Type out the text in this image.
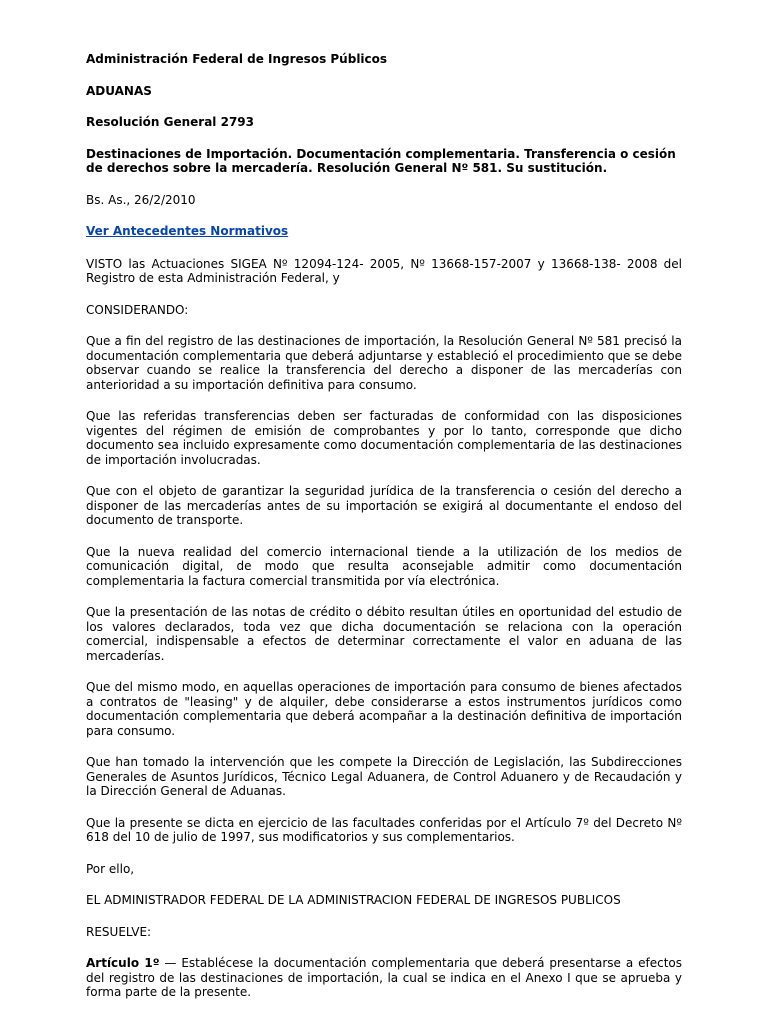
Administración Federal de Ingresos Públicos

ADUANAS

Resolución General 2793

Destinaciones de Importación. Documentación complementaria. Transferencia o cesión de derechos sobre la mercadería. Resolución General Nº 581. Su sustitución.

Bs. As., 26/2/2010

Ver Antecedentes Normativos

VISTO las Actuaciones SIGEA Nº 12094-124- 2005, Nº 13668-157-2007 y 13668-138- 2008 del Registro de esta Administración Federal, y

CONSIDERANDO:

Que a fin del registro de las destinaciones de importación, la Resolución General Nº 581 precisó la documentación complementaria que deberá adjuntarse y estableció el procedimiento que se debe observar cuando se realice la transferencia del derecho a disponer de las mercaderías con anterioridad a su importación definitiva para consumo.

Que las referidas transferencias deben ser facturadas de conformidad con las disposiciones vigentes del régimen de emisión de comprobantes y por lo tanto, corresponde que dicho documento sea incluido expresamente como documentación complementaria de las destinaciones de importación involucradas.

Que con el objeto de garantizar la seguridad jurídica de la transferencia o cesión del derecho a disponer de las mercaderías antes de su importación se exigirá al documentante el endoso del documento de transporte.

Que la nueva realidad del comercio internacional tiende a la utilización de los medios de comunicación digital, de modo que resulta aconsejable admitir como documentación complementaria la factura comercial transmitida por vía electrónica.

Que la presentación de las notas de crédito o débito resultan útiles en oportunidad del estudio de los valores declarados, toda vez que dicha documentación se relaciona con la operación comercial, indispensable a efectos de determinar correctamente el valor en aduana de las mercaderías.

Que del mismo modo, en aquellas operaciones de importación para consumo de bienes afectados a contratos de "leasing" y de alquiler, debe considerarse a estos instrumentos jurídicos como documentación complementaria que deberá acompañar a la destinación definitiva de importación para consumo.

Que han tomado la intervención que les compete la Dirección de Legislación, las Subdirecciones Generales de Asuntos Jurídicos, Técnico Legal Aduanera, de Control Aduanero y de Recaudación y la Dirección General de Aduanas.

Que la presente se dicta en ejercicio de las facultades conferidas por el Artículo 7º del Decreto Nº 618 del 10 de julio de 1997, sus modificatorios y sus complementarios.

Por ello,

EL ADMINISTRADOR FEDERAL DE LA ADMINISTRACION FEDERAL DE INGRESOS PUBLICOS

RESUELVE:

Artículo 1º — Establécese la documentación complementaria que deberá presentarse a efectos del registro de las destinaciones de importación, la cual se indica en el Anexo I que se aprueba y forma parte de la presente.
